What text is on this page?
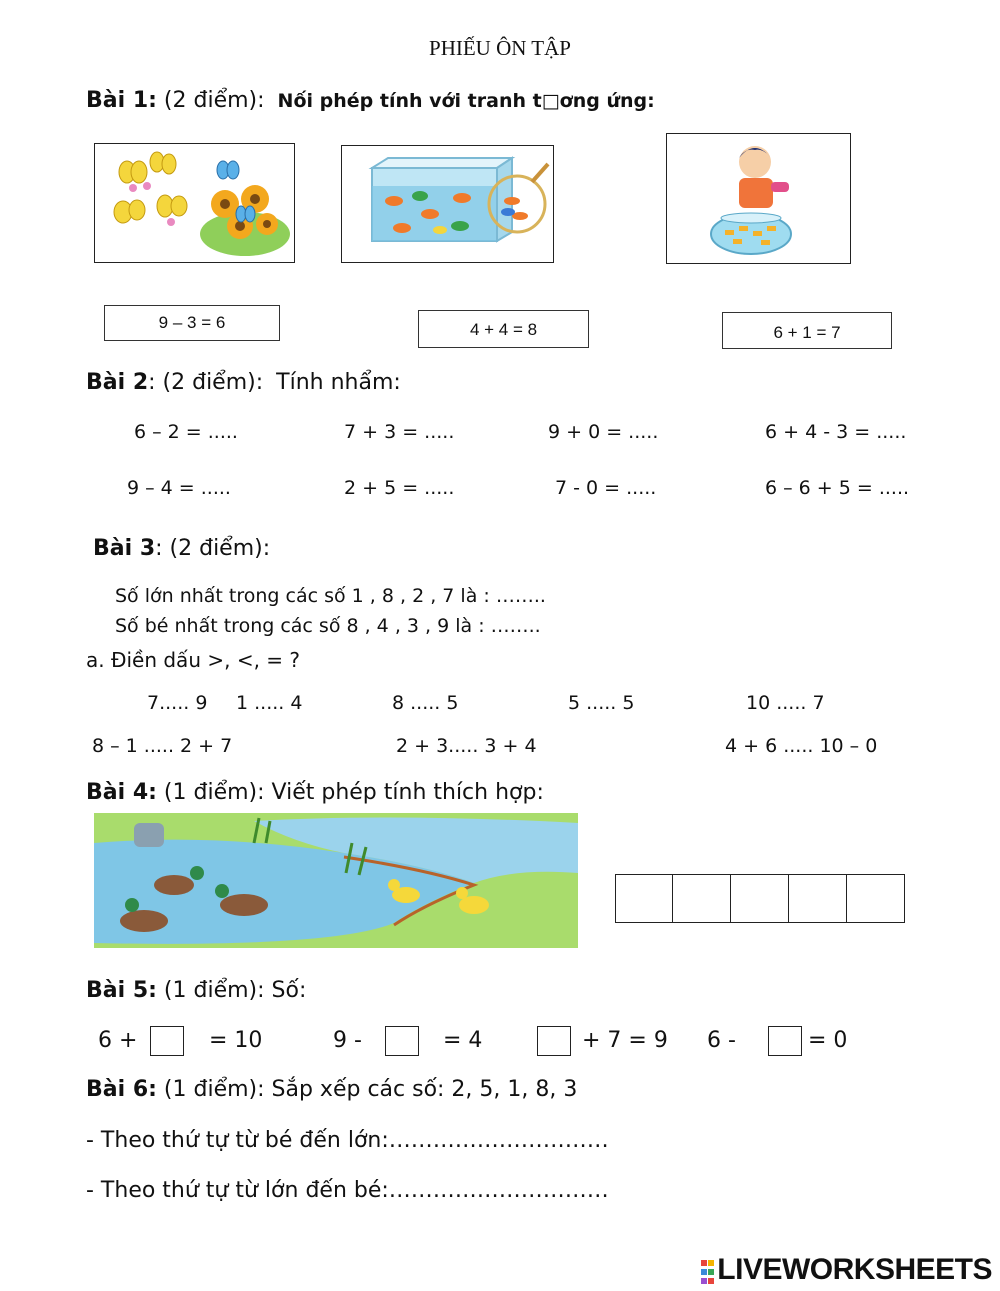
PHIẾU ÔN TẬP
Bài 1: (2 điểm): Nối phép tính với tranh t□ơng ứng:
9 – 3 = 6	4 + 4 = 8	6 + 1 = 7
Bài 2: (2 điểm): Tính nhẩm:
6 – 2 = .....	7 + 3 = .....	9 + 0 = .....	6 + 4 - 3 = .....
9 – 4 = .....	2 + 5 = .....	7 - 0 = .....	6 – 6 + 5 = .....
Bài 3: (2 điểm):
Số lớn nhất trong các số 1 , 8 , 2 , 7 là : ……..
Số bé nhất trong các số 8 , 4 , 3 , 9 là : ……..
a. Điền dấu >, <, = ?
7..... 9 1 ..... 4	8 ..... 5	5 ..... 5	10 ..... 7
8 – 1 ..... 2 + 7	2 + 3..... 3 + 4	4 + 6 ..... 10 – 0
Bài 4: (1 điểm): Viết phép tính thích hợp:
Bài 5: (1 điểm): Số:
6 +	= 10	9 -	= 4	+ 7 = 9 6 -	= 0
Bài 6: (1 điểm): Sắp xếp các số: 2, 5, 1, 8, 3
- Theo thứ tự từ bé đến lớn:…………………………
- Theo thứ tự từ lớn đến bé:…………………………
LIVEWORKSHEETS
